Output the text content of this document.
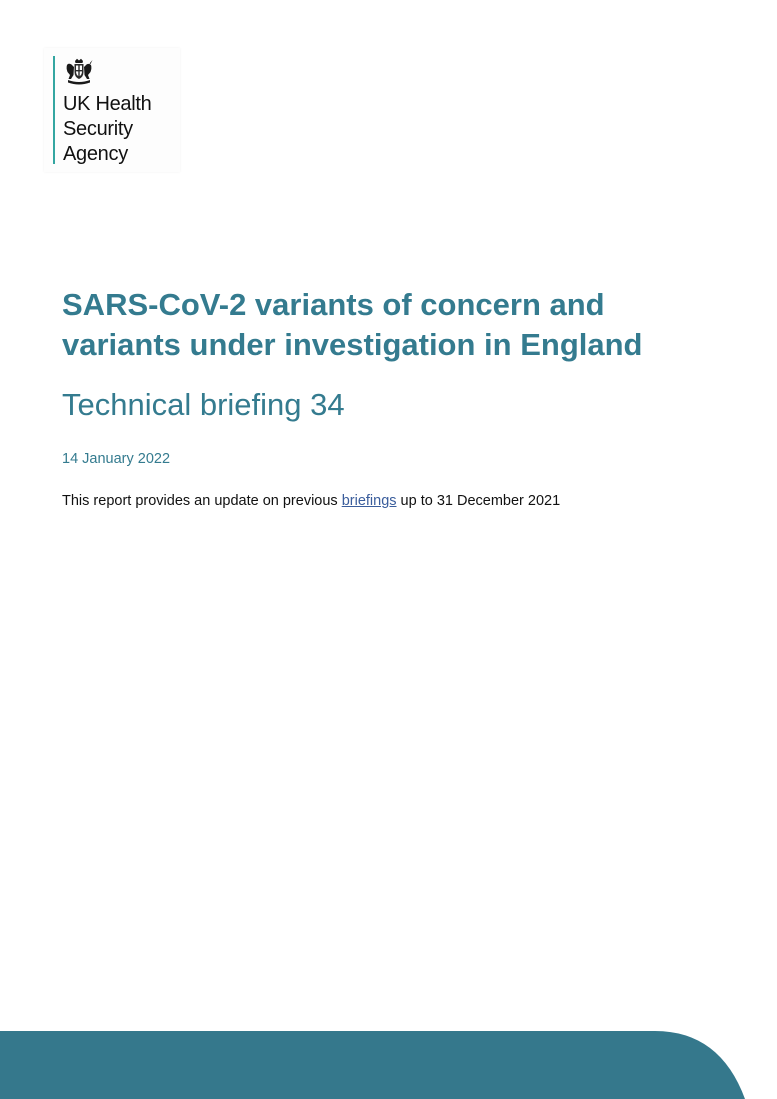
UK Health
Security
Agency
SARS-CoV-2 variants of concern and
variants under investigation in England
Technical briefing 34
14 January 2022

This report provides an update on previous briefings up to 31 December 2021
